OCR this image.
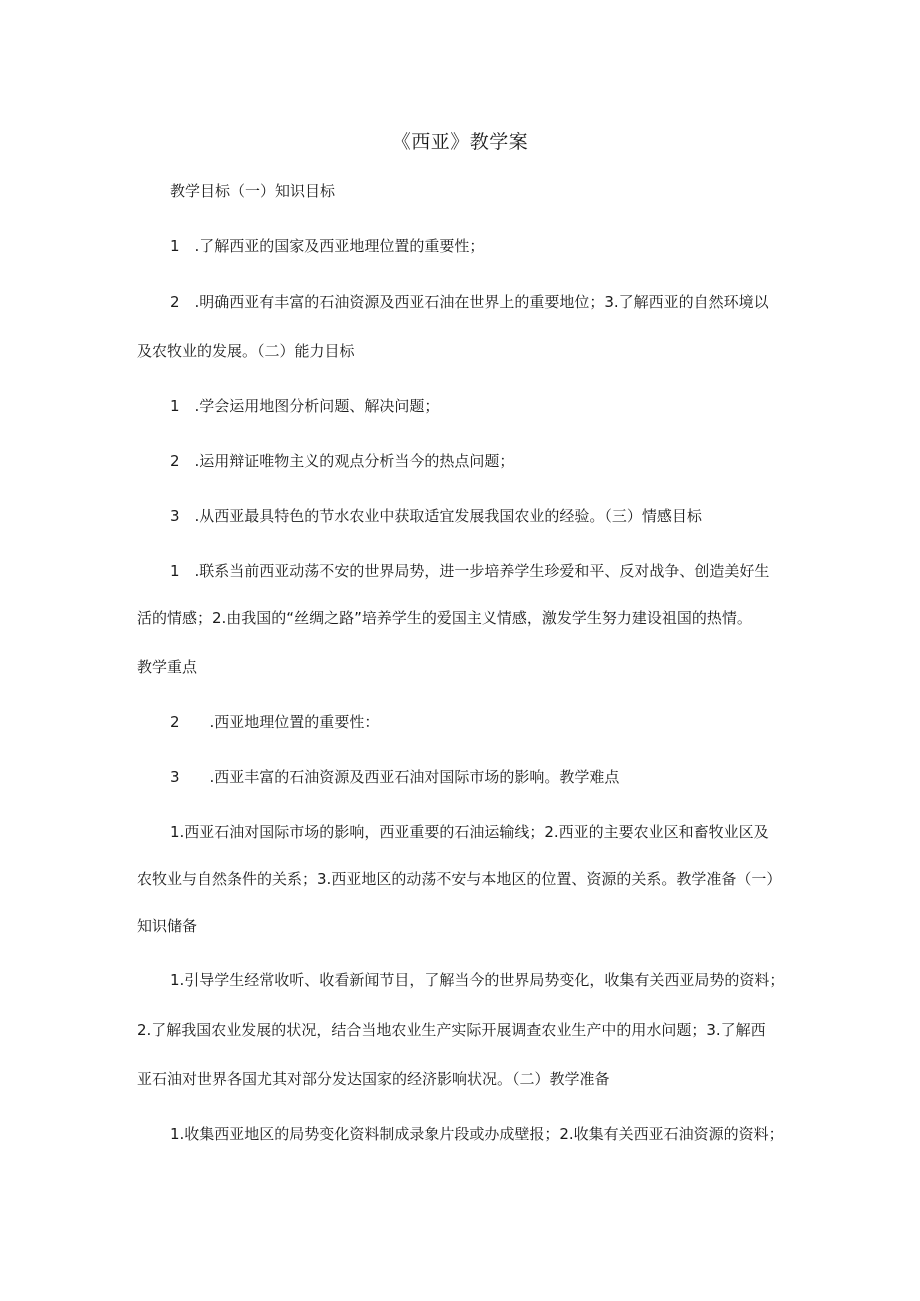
《西亚》教学案
教学目标（一）知识目标
1　.了解西亚的国家及西亚地理位置的重要性；
2　.明确西亚有丰富的石油资源及西亚石油在世界上的重要地位；3.了解西亚的自然环境以
及农牧业的发展。（二）能力目标
1　.学会运用地图分析问题、解决问题；
2　.运用辩证唯物主义的观点分析当今的热点问题；
3　.从西亚最具特色的节水农业中获取适宜发展我国农业的经验。（三）情感目标
1　.联系当前西亚动荡不安的世界局势，进一步培养学生珍爱和平、反对战争、创造美好生
活的情感；2.由我国的“丝绸之路”培养学生的爱国主义情感，激发学生努力建设祖国的热情。
教学重点
2　　.西亚地理位置的重要性：
3　　.西亚丰富的石油资源及西亚石油对国际市场的影响。教学难点
1.西亚石油对国际市场的影响，西亚重要的石油运输线；2.西亚的主要农业区和畜牧业区及
农牧业与自然条件的关系；3.西亚地区的动荡不安与本地区的位置、资源的关系。教学准备（一）
知识储备
1.引导学生经常收听、收看新闻节目，了解当今的世界局势变化，收集有关西亚局势的资料；
2.了解我国农业发展的状况，结合当地农业生产实际开展调查农业生产中的用水问题；3.了解西
亚石油对世界各国尤其对部分发达国家的经济影响状况。（二）教学准备
1.收集西亚地区的局势变化资料制成录象片段或办成壁报；2.收集有关西亚石油资源的资料；
